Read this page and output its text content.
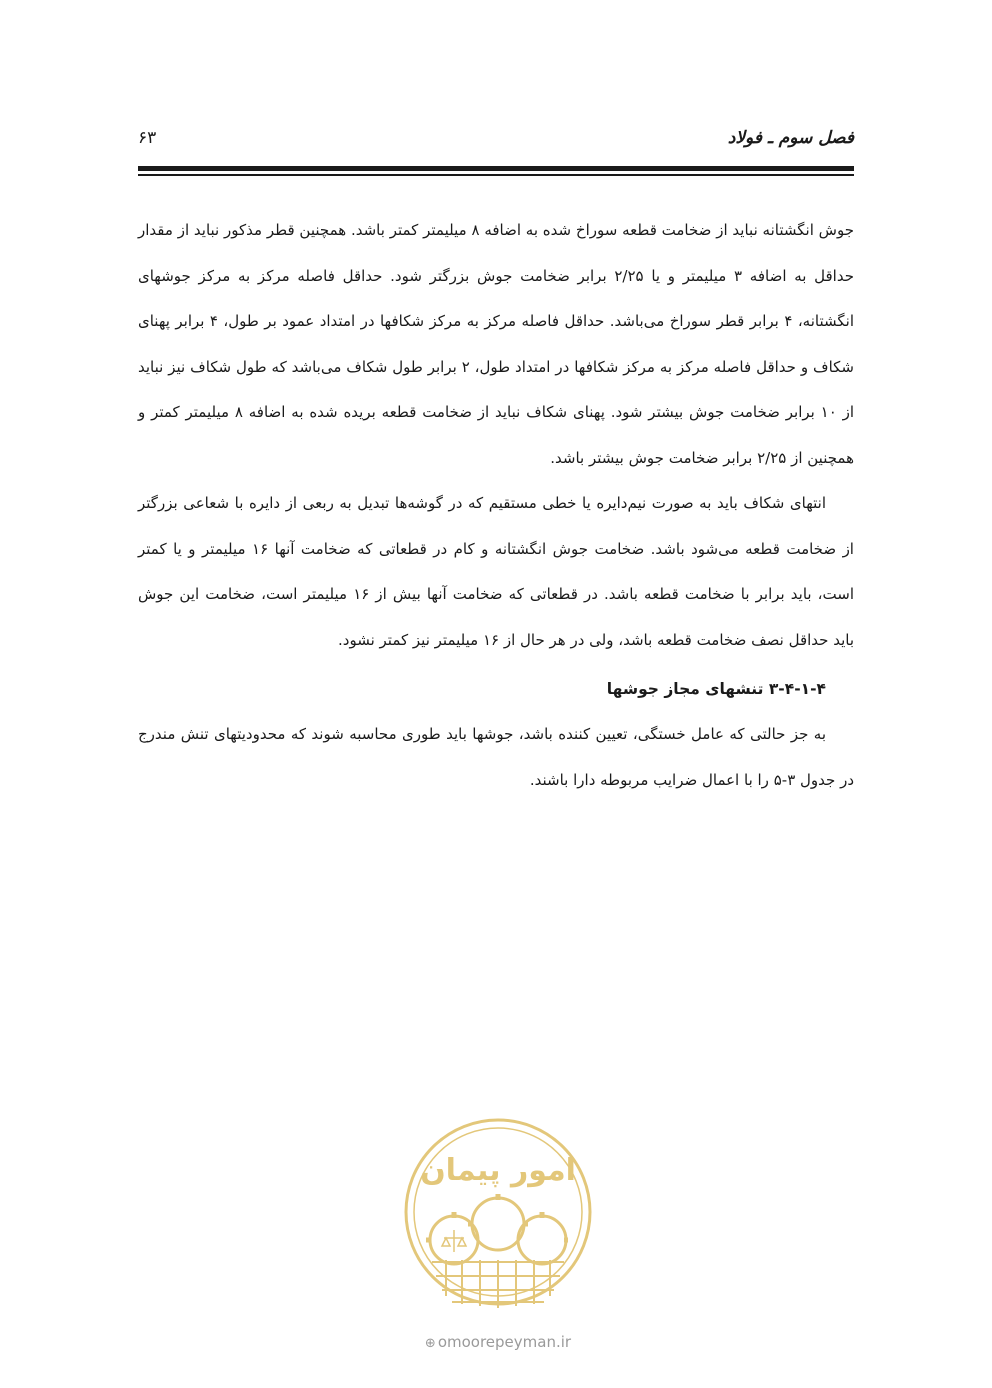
فصل سوم ـ فولاد
۶۳

جوش انگشتانه نباید از ضخامت قطعه سوراخ شده به اضافه ۸ میلیمتر کمتر باشد. همچنین قطر مذکور نباید از مقدار حداقل به اضافه ۳ میلیمتر و یا ۲/۲۵ برابر ضخامت جوش بزرگتر شود. حداقل فاصله مرکز به مرکز جوشهای انگشتانه، ۴ برابر قطر سوراخ می‌باشد. حداقل فاصله مرکز به مرکز شکافها در امتداد عمود بر طول، ۴ برابر پهنای شکاف و حداقل فاصله مرکز به مرکز شکافها در امتداد طول، ۲ برابر طول شکاف می‌باشد که طول شکاف نیز نباید از ۱۰ برابر ضخامت جوش بیشتر شود. پهنای شکاف نباید از ضخامت قطعه بریده شده به اضافه ۸ میلیمتر کمتر و همچنین از ۲/۲۵ برابر ضخامت جوش بیشتر باشد.

انتهای شکاف باید به صورت نیم‌دایره یا خطی مستقیم که در گوشه‌ها تبدیل به ربعی از دایره با شعاعی بزرگتر از ضخامت قطعه می‌شود باشد. ضخامت جوش انگشتانه و کام در قطعاتی که ضخامت آنها ۱۶ میلیمتر و یا کمتر است، باید برابر با ضخامت قطعه باشد. در قطعاتی که ضخامت آنها بیش از ۱۶ میلیمتر است، ضخامت این جوش باید حداقل نصف ضخامت قطعه باشد، ولی در هر حال از ۱۶ میلیمتر نیز کمتر نشود.

۳-۴-۱-۴ تنشهای مجاز جوشها

به جز حالتی که عامل خستگی، تعیین کننده باشد، جوشها باید طوری محاسبه شوند که محدودیتهای تنش مندرج در جدول ۳-۵ را با اعمال ضرایب مربوطه دارا باشند.

امور پیمان
⊕ omoorepeyman.ir
